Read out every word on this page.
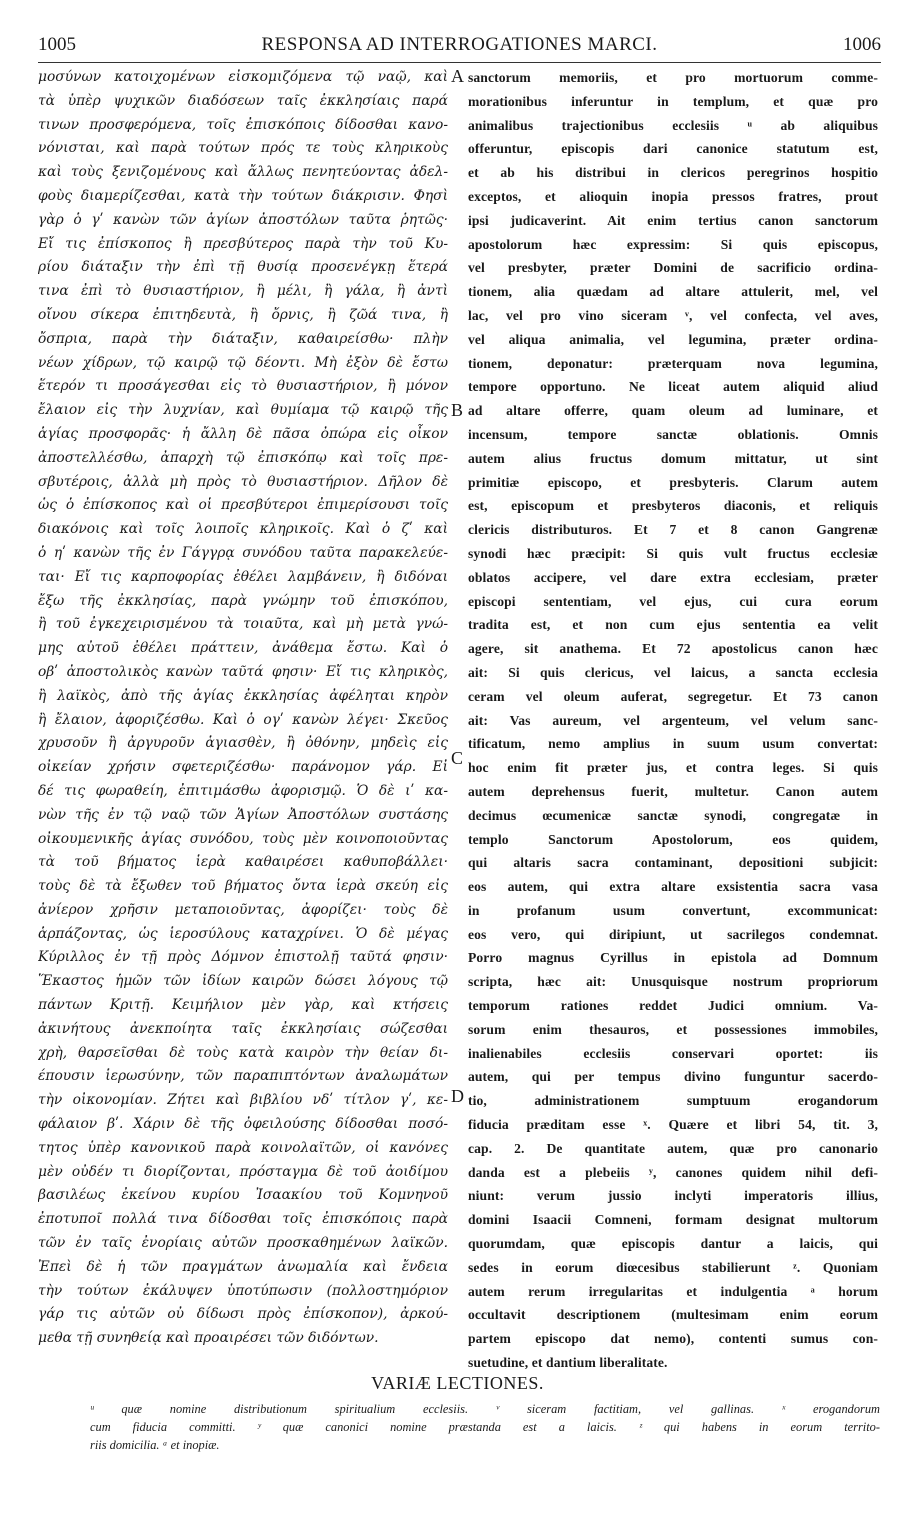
1005	RESPONSA AD INTERROGATIONES MARCI.	1006
μοσύνων κατοιχομένων εἰσκομιζόμενα τῷ ναῷ, καὶ
τὰ ὑπὲρ ψυχικῶν διαδόσεων ταῖς ἐκκλησίαις παρά
τινων προσφερόμενα, τοῖς ἐπισκόποις δίδοσθαι κανο-
νόνισται, καὶ παρὰ τούτων πρός τε τοὺς κληρικοὺς
καὶ τοὺς ξενιζομένους καὶ ἄλλως πενητεύοντας ἀδελ-
φοὺς διαμερίζεσθαι, κατὰ τὴν τούτων διάκρισιν. Φησὶ
γὰρ ὁ γʹ κανὼν τῶν ἁγίων ἀποστόλων ταῦτα ῥητῶς·
Εἴ τις ἐπίσκοπος ἢ πρεσβύτερος παρὰ τὴν τοῦ Κυ-
ρίου διάταξιν τὴν ἐπὶ τῇ θυσίᾳ προσενέγκῃ ἕτερά
τινα ἐπὶ τὸ θυσιαστήριον, ἢ μέλι, ἢ γάλα, ἢ ἀντὶ
οἴνου σίκερα ἐπιτηδευτὰ, ἢ ὄρνις, ἢ ζῶά τινα, ἢ
ὄσπρια, παρὰ τὴν διάταξιν, καθαιρείσθω· πλὴν
νέων χίδρων, τῷ καιρῷ τῷ δέοντι. Μὴ ἐξὸν δὲ ἔστω
ἕτερόν τι προσάγεσθαι εἰς τὸ θυσιαστήριον, ἢ μόνον
ἔλαιον εἰς τὴν λυχνίαν, καὶ θυμίαμα τῷ καιρῷ τῆς
ἁγίας προσφορᾶς· ἡ ἄλλη δὲ πᾶσα ὀπώρα εἰς οἶκον
ἀποστελλέσθω, ἀπαρχὴ τῷ ἐπισκόπῳ καὶ τοῖς πρε-
σβυτέροις, ἀλλὰ μὴ πρὸς τὸ θυσιαστήριον. Δῆλον δὲ
ὡς ὁ ἐπίσκοπος καὶ οἱ πρεσβύτεροι ἐπιμερίσουσι τοῖς
διακόνοις καὶ τοῖς λοιποῖς κληρικοῖς. Καὶ ὁ ζʹ καὶ
ὁ ηʹ κανὼν τῆς ἐν Γάγγρᾳ συνόδου ταῦτα παρακελεύε-
ται· Εἴ τις καρποφορίας ἐθέλει λαμβάνειν, ἢ διδόναι
ἔξω τῆς ἐκκλησίας, παρὰ γνώμην τοῦ ἐπισκόπου,
ἢ τοῦ ἐγκεχειρισμένου τὰ τοιαῦτα, καὶ μὴ μετὰ γνώ-
μης αὐτοῦ ἐθέλει πράττειν, ἀνάθεμα ἔστω. Καὶ ὁ
οβʹ ἀποστολικὸς κανὼν ταῦτά φησιν· Εἴ τις κληρικὸς,
ἢ λαϊκὸς, ἀπὸ τῆς ἁγίας ἐκκλησίας ἀφέληται κηρὸν
ἢ ἔλαιον, ἀφοριζέσθω. Καὶ ὁ ογʹ κανὼν λέγει· Σκεῦος
χρυσοῦν ἢ ἀργυροῦν ἁγιασθὲν, ἢ ὀθόνην, μηδεὶς εἰς
οἰκείαν χρήσιν σφετεριζέσθω· παράνομον γάρ. Εἰ
δέ τις φωραθείη, ἐπιτιμάσθω ἀφορισμῷ. Ὁ δὲ ιʹ κα-
νὼν τῆς ἐν τῷ ναῷ τῶν Ἁγίων Ἀποστόλων συστάσης
οἰκουμενικῆς ἁγίας συνόδου, τοὺς μὲν κοινοποιοῦντας
τὰ τοῦ βήματος ἱερὰ καθαιρέσει καθυποβάλλει·
τοὺς δὲ τὰ ἔξωθεν τοῦ βήματος ὄντα ἱερὰ σκεύη εἰς
ἀνίερον χρῆσιν μεταποιοῦντας, ἀφορίζει· τοὺς δὲ
ἁρπάζοντας, ὡς ἱεροσύλους καταχρίνει. Ὁ δὲ μέγας
Κύριλλος ἐν τῇ πρὸς Δόμνον ἐπιστολῇ ταῦτά φησιν·
Ἕκαστος ἡμῶν τῶν ἰδίων καιρῶν δώσει λόγους τῷ
πάντων Κριτῇ. Κειμήλιον μὲν γὰρ, καὶ κτήσεις
ἀκινήτους ἀνεκποίητα ταῖς ἐκκλησίαις σώζεσθαι
χρὴ, θαρσεῖσθαι δὲ τοὺς κατὰ καιρὸν τὴν θείαν δι-
έπουσιν ἱερωσύνην, τῶν παραπιπτόντων ἀναλωμάτων
τὴν οἰκονομίαν. Ζήτει καὶ βιβλίου νδʹ τίτλον γʹ, κε-
φάλαιον βʹ. Χάριν δὲ τῆς ὀφειλούσης δίδοσθαι ποσό-
τητος ὑπὲρ κανονικοῦ παρὰ κοινολαϊτῶν, οἱ κανόνες
μὲν οὐδέν τι διορίζονται, πρόσταγμα δὲ τοῦ ἀοιδίμου
βασιλέως ἐκείνου κυρίου Ἰσαακίου τοῦ Κομνηνοῦ
ἐποτυποῖ πολλά τινα δίδοσθαι τοῖς ἐπισκόποις παρὰ
τῶν ἐν ταῖς ἐνορίαις αὐτῶν προσκαθημένων λαϊκῶν.
Ἐπεὶ δὲ ἡ τῶν πραγμάτων ἀνωμαλία καὶ ἔνδεια
τὴν τούτων ἐκάλυψεν ὑποτύπωσιν (πολλοστημόριον
γάρ τις αὐτῶν οὐ δίδωσι πρὸς ἐπίσκοπον), ἀρκού-
μεθα τῇ συνηθείᾳ καὶ προαιρέσει τῶν διδόντων.
sanctorum memoriis, et pro mortuorum comme-
morationibus inferuntur in templum, et quæ pro
animalibus trajectionibus ecclesiis ᵘ ab aliquibus
offeruntur, episcopis dari canonice statutum est,
et ab his distribui in clericos peregrinos hospitio
exceptos, et alioquin inopia pressos fratres, prout
ipsi judicaverint. Ait enim tertius canon sanctorum
apostolorum hæc expressim: Si quis episcopus,
vel presbyter, præter Domini de sacrificio ordina-
tionem, alia quædam ad altare attulerit, mel, vel
lac, vel pro vino siceram ᵛ, vel confecta, vel aves,
vel aliqua animalia, vel legumina, præter ordina-
tionem, deponatur: præterquam nova legumina,
tempore opportuno. Ne liceat autem aliquid aliud
ad altare offerre, quam oleum ad luminare, et
incensum, tempore sanctæ oblationis. Omnis
autem alius fructus domum mittatur, ut sint
primitiæ episcopo, et presbyteris. Clarum autem
est, episcopum et presbyteros diaconis, et reliquis
clericis distributuros. Et 7 et 8 canon Gangrenæ
synodi hæc præcipit: Si quis vult fructus ecclesiæ
oblatos accipere, vel dare extra ecclesiam, præter
episcopi sententiam, vel ejus, cui cura eorum
tradita est, et non cum ejus sententia ea velit
agere, sit anathema. Et 72 apostolicus canon hæc
ait: Si quis clericus, vel laicus, a sancta ecclesia
ceram vel oleum auferat, segregetur. Et 73 canon
ait: Vas aureum, vel argenteum, vel velum sanc-
tificatum, nemo amplius in suum usum convertat:
hoc enim fit præter jus, et contra leges. Si quis
autem deprehensus fuerit, multetur. Canon autem
decimus œcumenicæ sanctæ synodi, congregatæ in
templo Sanctorum Apostolorum, eos quidem,
qui altaris sacra contaminant, depositioni subjicit:
eos autem, qui extra altare exsistentia sacra vasa
in profanum usum convertunt, excommunicat:
eos vero, qui diripiunt, ut sacrilegos condemnat.
Porro magnus Cyrillus in epistola ad Domnum
scripta, hæc ait: Unusquisque nostrum propriorum
temporum rationes reddet Judici omnium. Va-
sorum enim thesauros, et possessiones immobiles,
inalienabiles ecclesiis conservari oportet: iis
autem, qui per tempus divino funguntur sacerdo-
tio, administrationem sumptuum erogandorum
fiducia præditam esse ˣ. Quære et libri 54, tit. 3,
cap. 2. De quantitate autem, quæ pro canonario
danda est a plebeiis ʸ, canones quidem nihil defi-
niunt: verum jussio inclyti imperatoris illius,
domini Isaacii Comneni, formam designat multorum
quorumdam, quæ episcopis dantur a laicis, qui
sedes in eorum diœcesibus stabilierunt ᶻ. Quoniam
autem rerum irregularitas et indulgentia ᵃ horum
occultavit descriptionem (multesimam enim eorum
partem episcopo dat nemo), contenti sumus con-
suetudine, et dantium liberalitate.
A
B
C
D
VARIÆ LECTIONES.
ᵘ quæ nomine distributionum spiritualium ecclesiis. ᵛ siceram factitiam, vel gallinas. ˣ erogandorum
cum fiducia committi. ʸ quæ canonici nomine præstanda est a laicis. ᶻ qui habens in eorum territo-
riis domicilia. ᵃ et inopiæ.
